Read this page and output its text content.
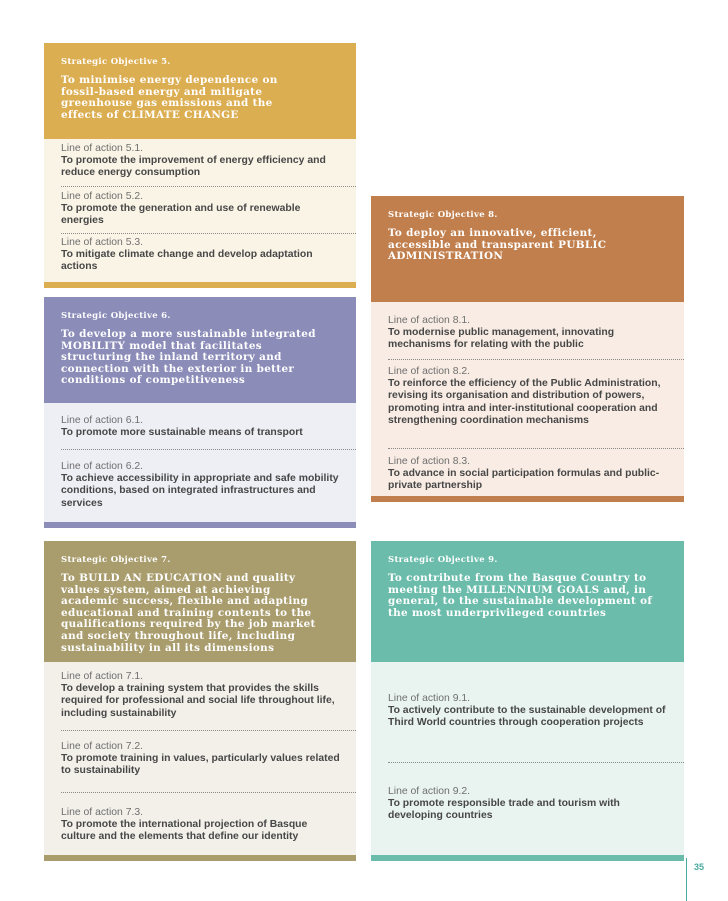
Strategic Objective 5.
To minimise energy dependence on fossil-based energy and mitigate greenhouse gas emissions and the effects of CLIMATE CHANGE
Line of action 5.1.
To promote the improvement of energy efficiency and reduce energy consumption
Line of action 5.2.
To promote the generation and use of renewable energies
Line of action 5.3.
To mitigate climate change and develop adaptation actions
Strategic Objective 6.
To develop a more sustainable integrated MOBILITY model that facilitates structuring the inland territory and connection with the exterior in better conditions of competitiveness
Line of action 6.1.
To promote more sustainable means of transport
Line of action 6.2.
To achieve accessibility in appropriate and safe mobility conditions, based on integrated infrastructures and services
Strategic Objective 7.
To BUILD AN EDUCATION and quality values system, aimed at achieving academic success, flexible and adapting educational and training contents to the qualifications required by the job market and society throughout life, including sustainability in all its dimensions
Line of action 7.1.
To develop a training system that provides the skills required for professional and social life throughout life, including sustainability
Line of action 7.2.
To promote training in values, particularly values related to sustainability
Line of action 7.3.
To promote the international projection of Basque culture and the elements that define our identity
Strategic Objective 8.
To deploy an innovative, efficient, accessible and transparent PUBLIC ADMINISTRATION
Line of action 8.1.
To modernise public management, innovating mechanisms for relating with the public
Line of action 8.2.
To reinforce the efficiency of the Public Administration, revising its organisation and distribution of powers, promoting intra and inter-institutional cooperation and strengthening coordination mechanisms
Line of action 8.3.
To advance in social participation formulas and public-private partnership
Strategic Objective 9.
To contribute from the Basque Country to meeting the MILLENNIUM GOALS and, in general, to the sustainable development of the most underprivileged countries
Line of action 9.1.
To actively contribute to the sustainable development of Third World countries through cooperation projects
Line of action 9.2.
To promote responsible trade and tourism with developing countries
35
